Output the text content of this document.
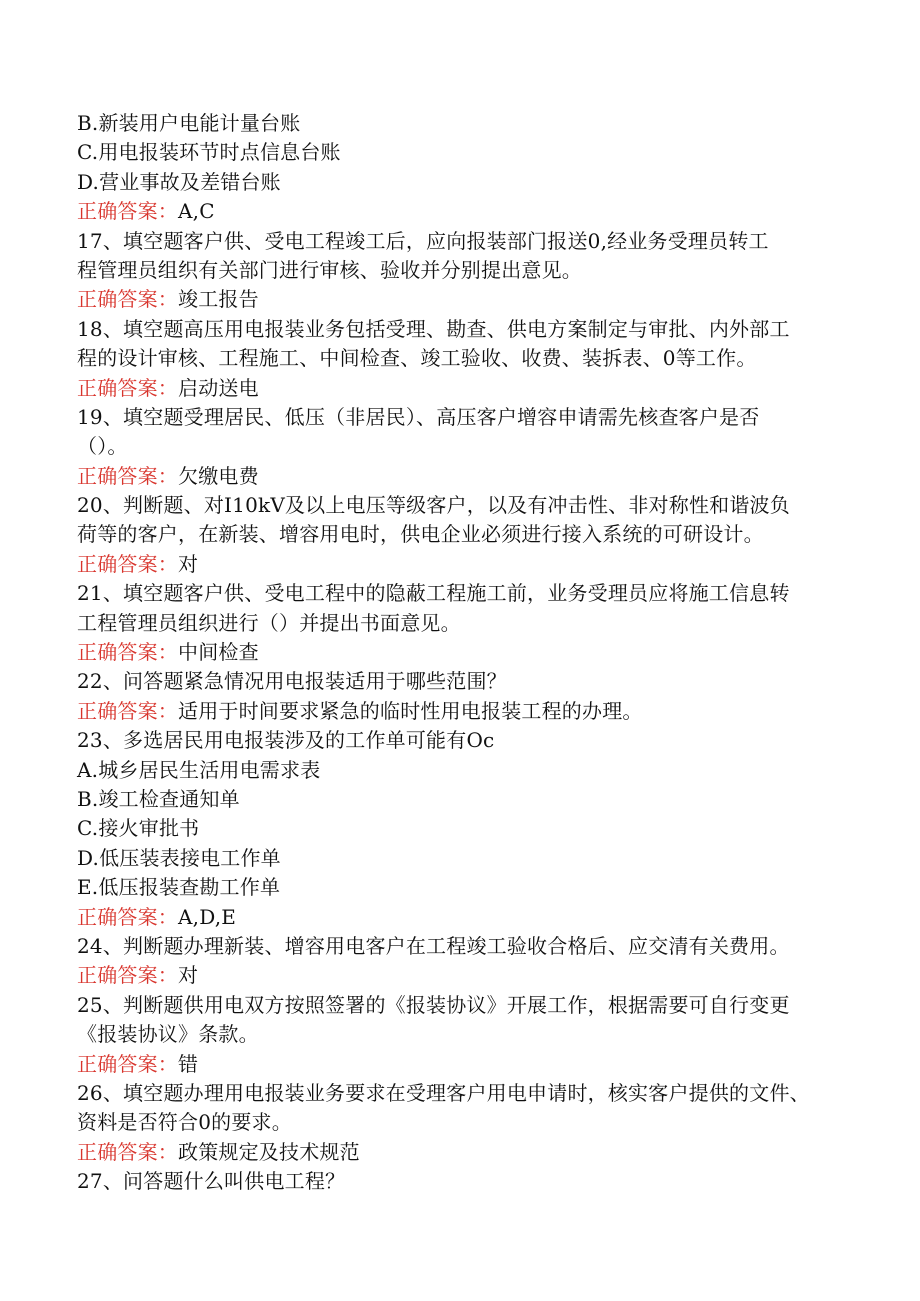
B.新装用户电能计量台账
C.用电报装环节时点信息台账
D.营业事故及差错台账
正确答案：A,C
17、填空题客户供、受电工程竣工后，应向报装部门报送0,经业务受理员转工
程管理员组织有关部门进行审核、验收并分别提出意见。
正确答案：竣工报告
18、填空题高压用电报装业务包括受理、勘查、供电方案制定与审批、内外部工
程的设计审核、工程施工、中间检查、竣工验收、收费、装拆表、0等工作。
正确答案：启动送电
19、填空题受理居民、低压（非居民）、高压客户增容申请需先核查客户是否
（）。
正确答案：欠缴电费
20、判断题、对I10kV及以上电压等级客户，以及有冲击性、非对称性和谐波负
荷等的客户，在新装、增容用电时，供电企业必须进行接入系统的可研设计。
正确答案：对
21、填空题客户供、受电工程中的隐蔽工程施工前，业务受理员应将施工信息转
工程管理员组织进行（）并提出书面意见。
正确答案：中间检查
22、问答题紧急情况用电报装适用于哪些范围？
正确答案：适用于时间要求紧急的临时性用电报装工程的办理。
23、多选居民用电报装涉及的工作单可能有Oc
A.城乡居民生活用电需求表
B.竣工检查通知单
C.接火审批书
D.低压装表接电工作单
E.低压报装查勘工作单
正确答案：A,D,E
24、判断题办理新装、增容用电客户在工程竣工验收合格后、应交清有关费用。
正确答案：对
25、判断题供用电双方按照签署的《报装协议》开展工作，根据需要可自行变更
《报装协议》条款。
正确答案：错
26、填空题办理用电报装业务要求在受理客户用电申请时，核实客户提供的文件、
资料是否符合0的要求。
正确答案：政策规定及技术规范
27、问答题什么叫供电工程？
